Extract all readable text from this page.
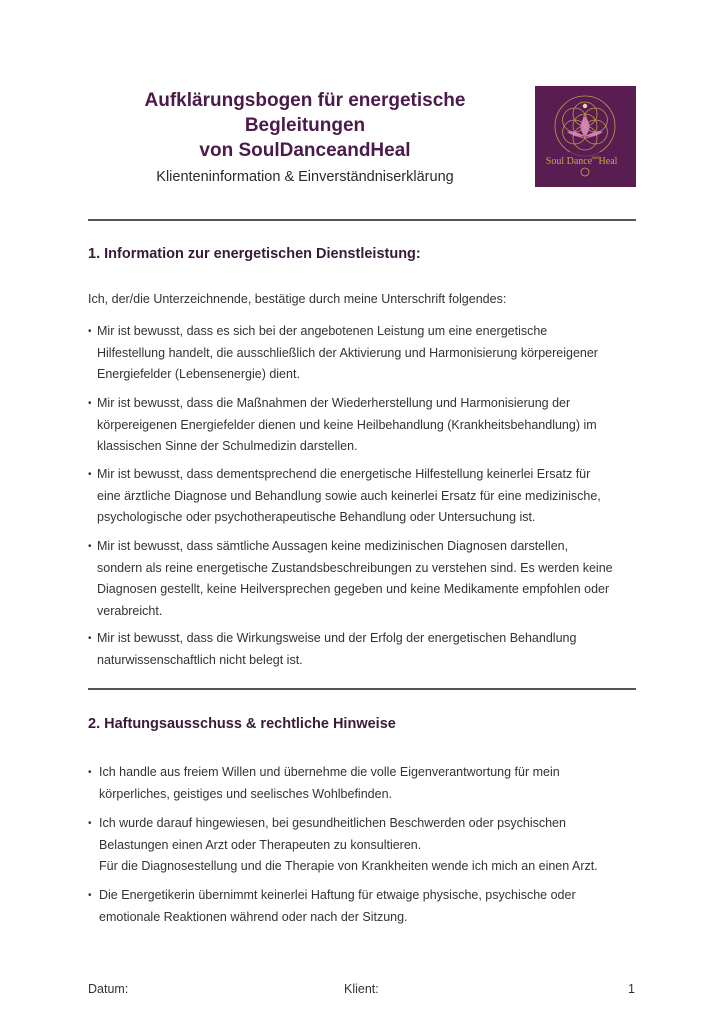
Aufklärungsbogen für energetische
Begleitungen
von SoulDanceandHeal
Klienteninformation & Einverständniserklärung
Soul Dance and Heal
1. Information zur energetischen Dienstleistung:
Ich, der/die Unterzeichnende, bestätige durch meine Unterschrift folgendes:
• Mir ist bewusst, dass es sich bei der angebotenen Leistung um eine energetische
Hilfestellung handelt, die ausschließlich der Aktivierung und Harmonisierung körpereigener
Energiefelder (Lebensenergie) dient.
• Mir ist bewusst, dass die Maßnahmen der Wiederherstellung und Harmonisierung der
körpereigenen Energiefelder dienen und keine Heilbehandlung (Krankheitsbehandlung) im
klassischen Sinne der Schulmedizin darstellen.
• Mir ist bewusst, dass dementsprechend die energetische Hilfestellung keinerlei Ersatz für
eine ärztliche Diagnose und Behandlung sowie auch keinerlei Ersatz für eine medizinische,
psychologische oder psychotherapeutische Behandlung oder Untersuchung ist.
• Mir ist bewusst, dass sämtliche Aussagen keine medizinischen Diagnosen darstellen,
sondern als reine energetische Zustandsbeschreibungen zu verstehen sind. Es werden keine
Diagnosen gestellt, keine Heilversprechen gegeben und keine Medikamente empfohlen oder
verabreicht.
• Mir ist bewusst, dass die Wirkungsweise und der Erfolg der energetischen Behandlung
naturwissenschaftlich nicht belegt ist.
2. Haftungsausschuss & rechtliche Hinweise
• Ich handle aus freiem Willen und übernehme die volle Eigenverantwortung für mein
körperliches, geistiges und seelisches Wohlbefinden.
• Ich wurde darauf hingewiesen, bei gesundheitlichen Beschwerden oder psychischen
Belastungen einen Arzt oder Therapeuten zu konsultieren.
Für die Diagnosestellung und die Therapie von Krankheiten wende ich mich an einen Arzt.
• Die Energetikerin übernimmt keinerlei Haftung für etwaige physische, psychische oder
emotionale Reaktionen während oder nach der Sitzung.
Datum:	Klient:	1
